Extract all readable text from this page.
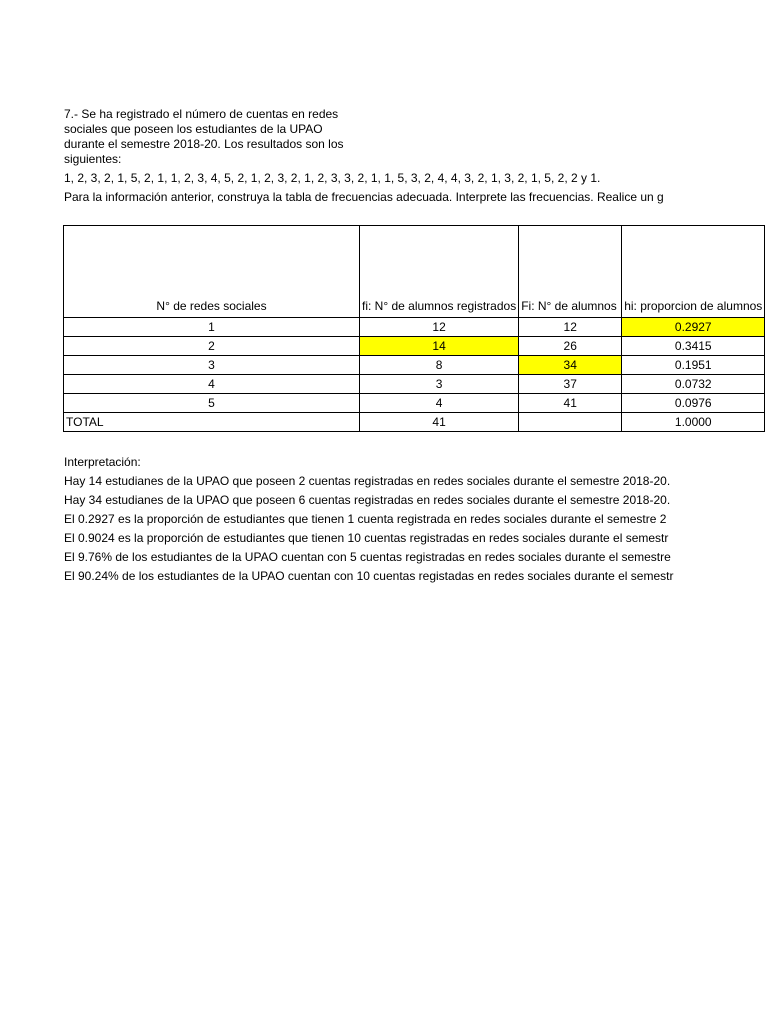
7.- Se ha registrado el número de cuentas en redes
sociales que poseen los estudiantes de la UPAO
durante el semestre 2018-20. Los resultados son los
siguientes:
1, 2, 3, 2, 1, 5, 2, 1, 1, 2, 3, 4, 5, 2, 1, 2, 3, 2, 1, 2, 3, 3, 2, 1, 1, 5, 3, 2, 4, 4, 3, 2, 1, 3, 2, 1, 5, 2, 2 y 1.
Para la información anterior, construya la tabla de frecuencias adecuada. Interprete las frecuencias. Realice un g
N° de redes sociales	fi: N° de alumnos registrados	Fi: N° de alumnos	hi: proporcion de alumnos
1	12	12	0.2927
2	14	26	0.3415
3	8	34	0.1951
4	3	37	0.0732
5	4	41	0.0976
TOTAL	41		1.0000
Interpretación:
Hay 14 estudianes de la UPAO que poseen 2 cuentas registradas en redes sociales durante el semestre 2018-20.
Hay 34 estudianes de la UPAO que poseen 6 cuentas registradas en redes sociales durante el semestre 2018-20.
El 0.2927 es la proporción de estudiantes que tienen 1 cuenta registrada en redes sociales durante el semestre 2
El 0.9024 es la proporción de estudiantes que tienen 10 cuentas registradas en redes sociales durante el semestr
El 9.76% de los estudiantes de la UPAO cuentan con 5 cuentas registradas en redes sociales durante el semestre
El 90.24% de los estudiantes de la UPAO cuentan con 10 cuentas registadas en redes sociales durante el semestr
